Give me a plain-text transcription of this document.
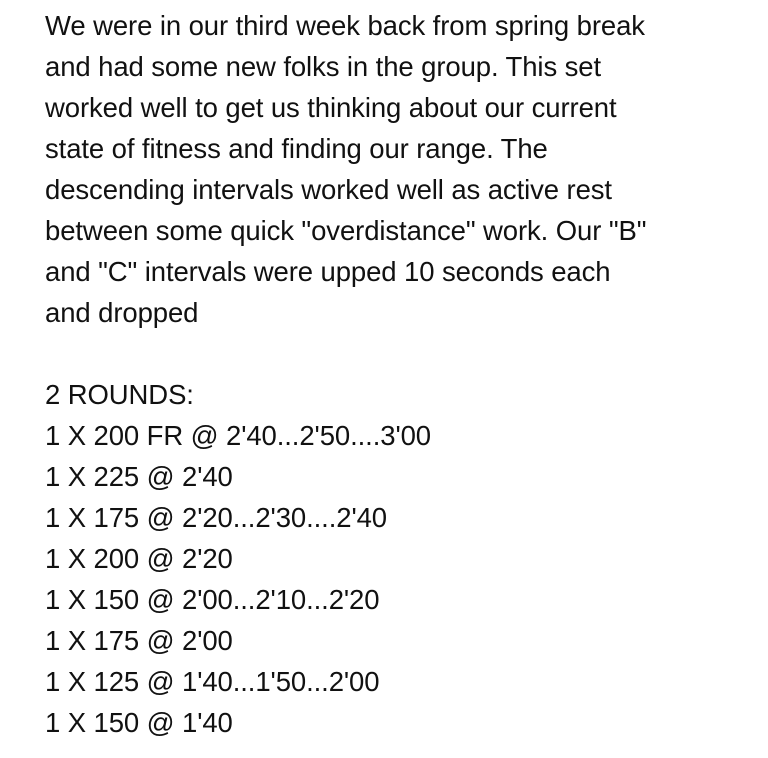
We were in our third week back from spring break
and had some new folks in the group. This set
worked well to get us thinking about our current
state of fitness and finding our range. The
descending intervals worked well as active rest
between some quick "overdistance" work. Our "B"
and "C" intervals were upped 10 seconds each
and dropped
2 ROUNDS:
1 X 200 FR @ 2'40...2'50....3'00
1 X 225 @ 2'40
1 X 175 @ 2'20...2'30....2'40
1 X 200 @ 2'20
1 X 150 @ 2'00...2'10...2'20
1 X 175 @ 2'00
1 X 125 @ 1'40...1'50...2'00
1 X 150 @ 1'40
